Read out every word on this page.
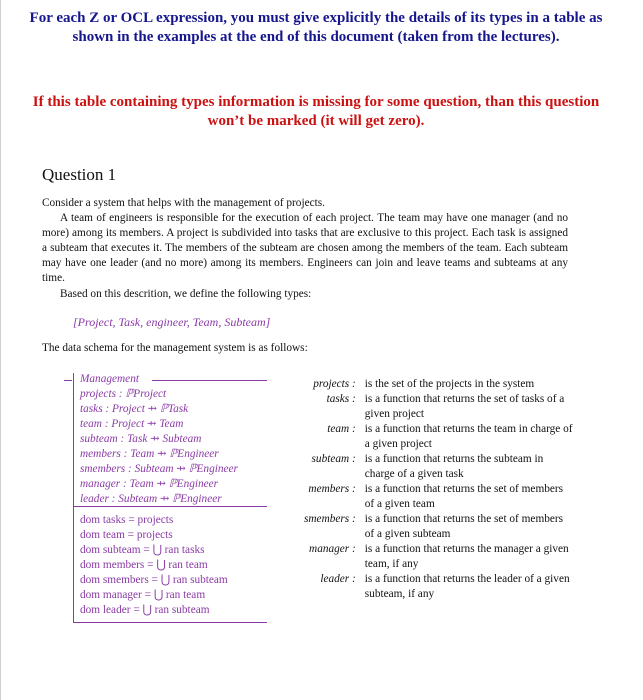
For each Z or OCL expression, you must give explicitly the details of its types in a table as shown in the examples at the end of this document (taken from the lectures).
If this table containing types information is missing for some question, than this question won’t be marked (it will get zero).
Question 1
Consider a system that helps with the management of projects.
A team of engineers is responsible for the execution of each project. The team may have one manager (and no more) among its members. A project is subdivided into tasks that are exclusive to this project. Each task is assigned a subteam that executes it. The members of the subteam are chosen among the members of the team. Each subteam may have one leader (and no more) among its members. Engineers can join and leave teams and subteams at any time.
Based on this descrition, we define the following types:
[Project, Task, engineer, Team, Subteam]
The data schema for the management system is as follows:
Management
projects : ℙProject
tasks : Project ⇸ ℙTask
team : Project ⇸ Team
subteam : Task ⇸ Subteam
members : Team ⇸ ℙEngineer
smembers : Subteam ⇸ ℙEngineer
manager : Team ⇸ ℙEngineer
leader : Subteam ⇸ ℙEngineer
dom tasks = projects
dom team = projects
dom subteam = ⋃ ran tasks
dom members = ⋃ ran team
dom smembers = ⋃ ran subteam
dom manager = ⋃ ran team
dom leader = ⋃ ran subteam
projects :	is the set of the projects in the system
tasks :	is a function that returns the set of tasks of a given project
team :	is a function that returns the team in charge of a given project
subteam :	is a function that returns the subteam in charge of a given task
members :	is a function that returns the set of members of a given team
smembers :	is a function that returns the set of members of a given subteam
manager :	is a function that returns the manager a given team, if any
leader :	is a function that returns the leader of a given subteam, if any
